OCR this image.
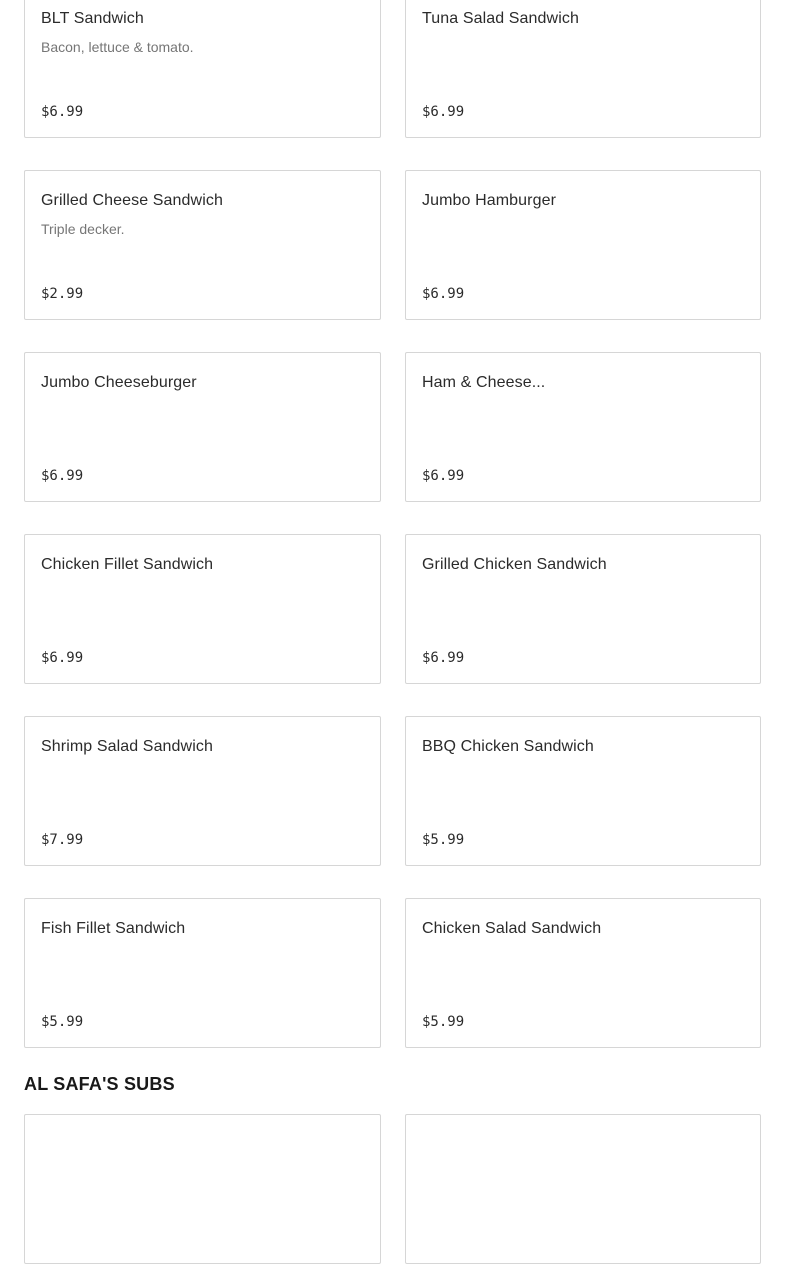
BLT Sandwich
Bacon, lettuce & tomato.
$6.99
Tuna Salad Sandwich
$6.99
Grilled Cheese Sandwich
Triple decker.
$2.99
Jumbo Hamburger
$6.99
Jumbo Cheeseburger
$6.99
Ham & Cheese...
$6.99
Chicken Fillet Sandwich
$6.99
Grilled Chicken Sandwich
$6.99
Shrimp Salad Sandwich
$7.99
BBQ Chicken Sandwich
$5.99
Fish Fillet Sandwich
$5.99
Chicken Salad Sandwich
$5.99
AL SAFA'S SUBS
